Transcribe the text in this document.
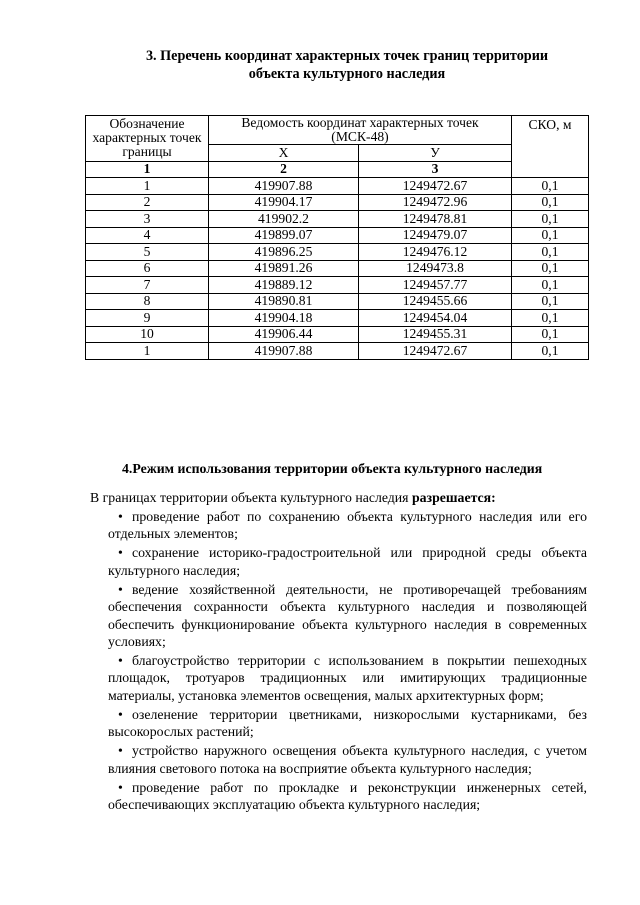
3. Перечень координат характерных точек границ территории
объекта культурного наследия
Обозначение характерных точек границы	Ведомость координат характерных точек (МСК-48)		СКО, м
	Х	У	
1	2	3	
1	419907.88	1249472.67	0,1
2	419904.17	1249472.96	0,1
3	419902.2	1249478.81	0,1
4	419899.07	1249479.07	0,1
5	419896.25	1249476.12	0,1
6	419891.26	1249473.8	0,1
7	419889.12	1249457.77	0,1
8	419890.81	1249455.66	0,1
9	419904.18	1249454.04	0,1
10	419906.44	1249455.31	0,1
1	419907.88	1249472.67	0,1
4.Режим использования территории объекта культурного наследия
В границах территории объекта культурного наследия разрешается:
• проведение работ по сохранению объекта культурного наследия или его отдельных элементов;
• сохранение историко-градостроительной или природной среды объекта культурного наследия;
• ведение хозяйственной деятельности, не противоречащей требованиям обеспечения сохранности объекта культурного наследия и позволяющей обеспечить функционирование объекта культурного наследия в современных условиях;
• благоустройство территории с использованием в покрытии пешеходных площадок, тротуаров традиционных или имитирующих традиционные материалы, установка элементов освещения, малых архитектурных форм;
• озеленение территории цветниками, низкорослыми кустарниками, без высокорослых растений;
• устройство наружного освещения объекта культурного наследия, с учетом влияния светового потока на восприятие объекта культурного наследия;
• проведение работ по прокладке и реконструкции инженерных сетей, обеспечивающих эксплуатацию объекта культурного наследия;
